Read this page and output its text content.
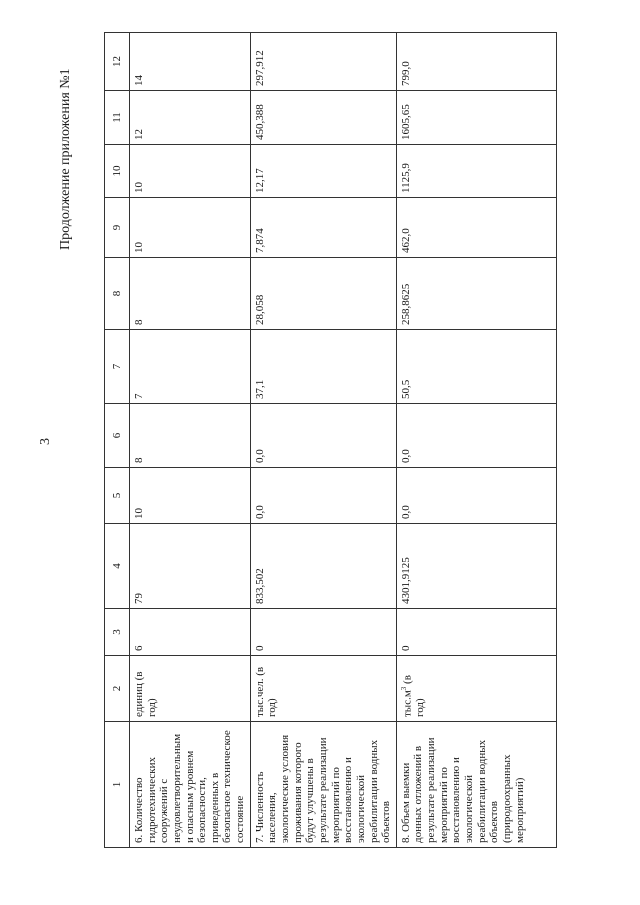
3
Продолжение приложения №1
1	2	3	4	5	6	7	8	9	10	11	12
6. Количество гидротехнических сооружений с неудовлетворительным и опасным уровнем безопасности, приведенных в безопасное техническое состояние	единиц (в год)	6	79	10	8	7	8	10	10	12	14
7. Численность населения, экологические условия проживания которого будут улучшены в результате реализации мероприятий по восстановлению и экологической реабилитации водных объектов	тыс.чел. (в год)	0	833,502	0,0	0,0	37,1	28,058	7,874	12,17	450,388	297,912
8. Объем выемки донных отложений в результате реализации мероприятий по восстановлению и экологической реабилитации водных объектов (природоохранных мероприятий)	$тыс.м^3$ (в год)	0	4301,9125	0,0	0,0	50,5	258,8625	462,0	1125,9	1605,65	799,0
